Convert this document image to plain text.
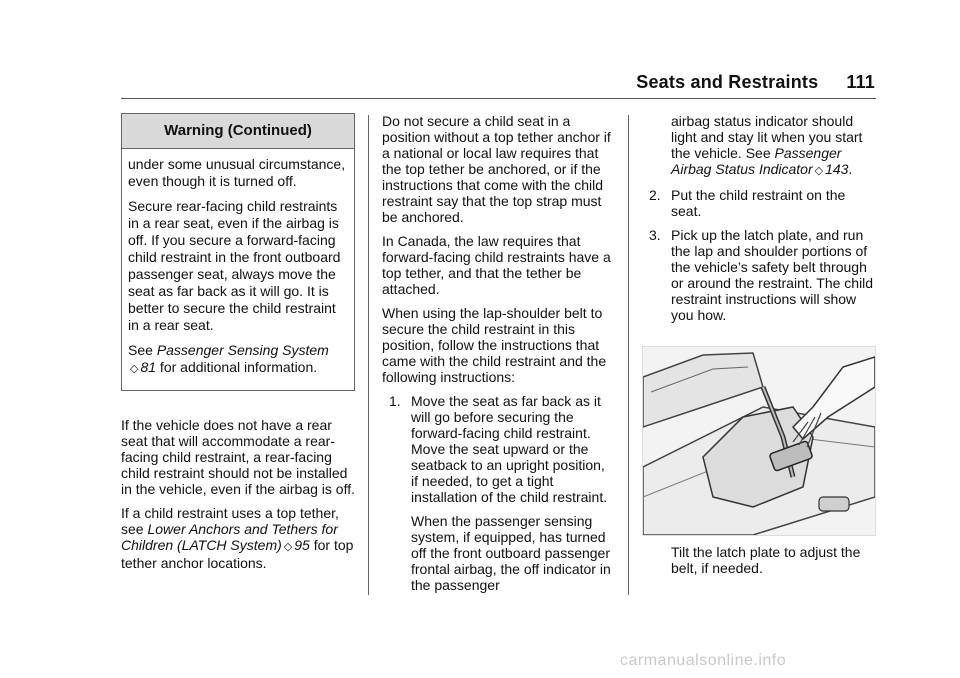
Seats and Restraints 111
Warning (Continued)

under some unusual circumstance, even though it is turned off.

Secure rear-facing child restraints in a rear seat, even if the airbag is off. If you secure a forward-facing child restraint in the front outboard passenger seat, always move the seat as far back as it will go. It is better to secure the child restraint in a rear seat.

See Passenger Sensing System
◇ 81 for additional information.

If the vehicle does not have a rear seat that will accommodate a rear-facing child restraint, a rear-facing child restraint should not be installed in the vehicle, even if the airbag is off.

If a child restraint uses a top tether, see Lower Anchors and Tethers for Children (LATCH System) ◇ 95 for top tether anchor locations.

Do not secure a child seat in a position without a top tether anchor if a national or local law requires that the top tether be anchored, or if the instructions that come with the child restraint say that the top strap must be anchored.

In Canada, the law requires that forward-facing child restraints have a top tether, and that the tether be attached.

When using the lap-shoulder belt to secure the child restraint in this position, follow the instructions that came with the child restraint and the following instructions:

1. Move the seat as far back as it will go before securing the forward-facing child restraint. Move the seat upward or the seatback to an upright position, if needed, to get a tight installation of the child restraint.

When the passenger sensing system, if equipped, has turned off the front outboard passenger frontal airbag, the off indicator in the passenger

airbag status indicator should light and stay lit when you start the vehicle. See Passenger Airbag Status Indicator ◇ 143.

2. Put the child restraint on the seat.

3. Pick up the latch plate, and run the lap and shoulder portions of the vehicle’s safety belt through or around the restraint. The child restraint instructions will show you how.

Tilt the latch plate to adjust the belt, if needed.

carmanualsonline.info
